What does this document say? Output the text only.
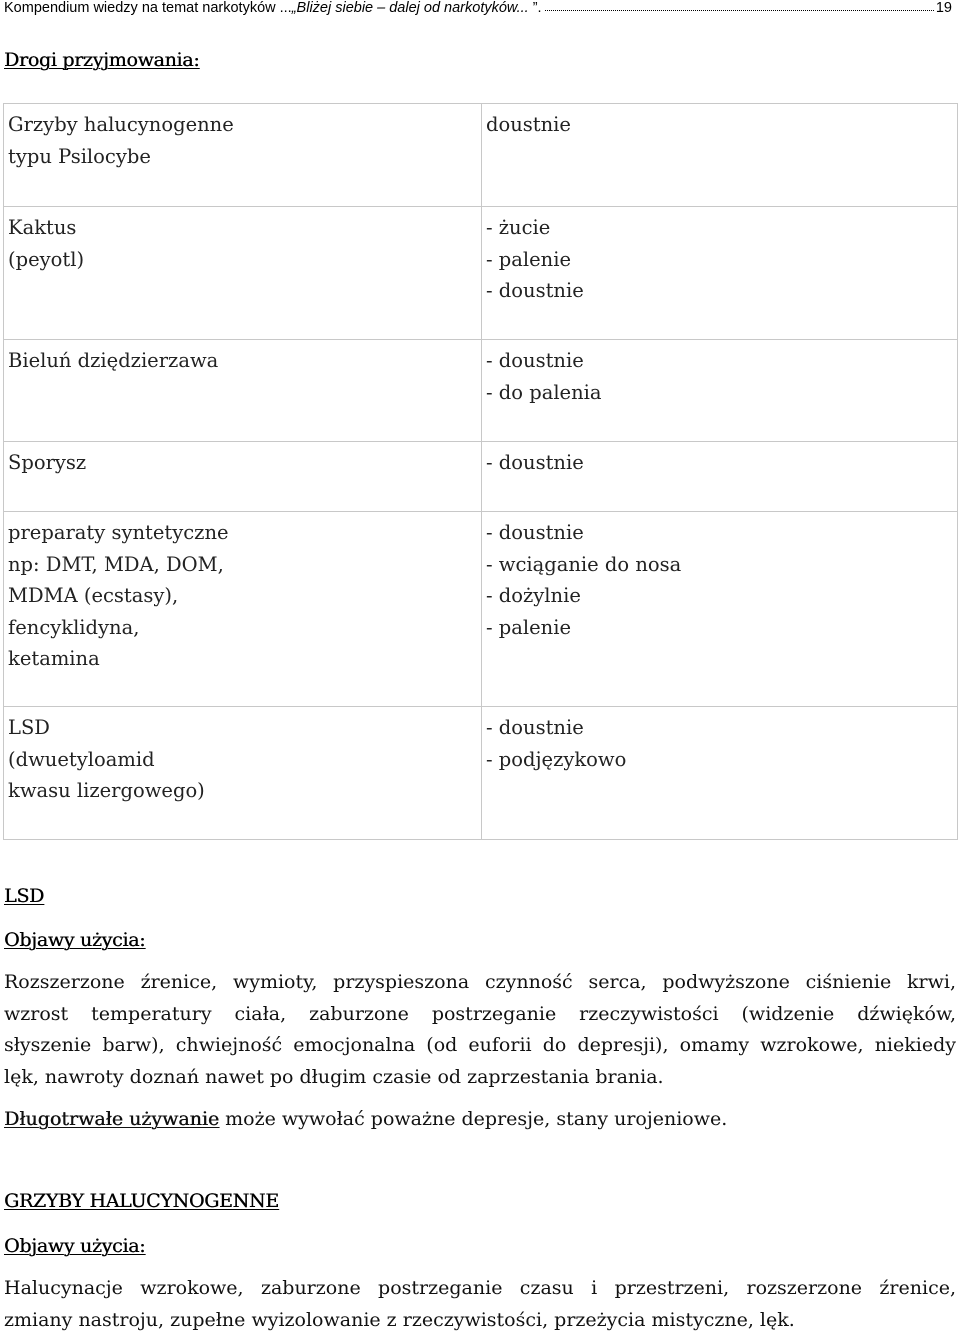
Kompendium wiedzy na temat narkotyków ...„Bliżej siebie – dalej od narkotyków... ”.	19
Drogi przyjmowania:
Grzyby halucynogenne
typu Psilocybe	doustnie

Kaktus
(peyotl)	- żucie
- palenie
- doustnie

Bieluń dziędzierzawa	- doustnie
- do palenia

Sporysz	- doustnie

preparaty syntetyczne
np: DMT, MDA, DOM,
MDMA (ecstasy),
fencyklidyna,
ketamina	- doustnie
- wciąganie do nosa
- dożylnie
- palenie

LSD
(dwuetyloamid
kwasu lizergowego)	- doustnie
- podjęzykowo
LSD
Objawy użycia:
Rozszerzone źrenice, wymioty, przyspieszona czynność serca, podwyższone ciśnienie krwi,
wzrost temperatury ciała, zaburzone postrzeganie rzeczywistości (widzenie dźwięków,
słyszenie barw), chwiejność emocjonalna (od euforii do depresji), omamy wzrokowe, niekiedy
lęk, nawroty doznań nawet po długim czasie od zaprzestania brania.
Długotrwałe używanie może wywołać poważne depresje, stany urojeniowe.
GRZYBY HALUCYNOGENNE
Objawy użycia:
Halucynacje wzrokowe, zaburzone postrzeganie czasu i przestrzeni, rozszerzone źrenice,
zmiany nastroju, zupełne wyizolowanie z rzeczywistości, przeżycia mistyczne, lęk.
